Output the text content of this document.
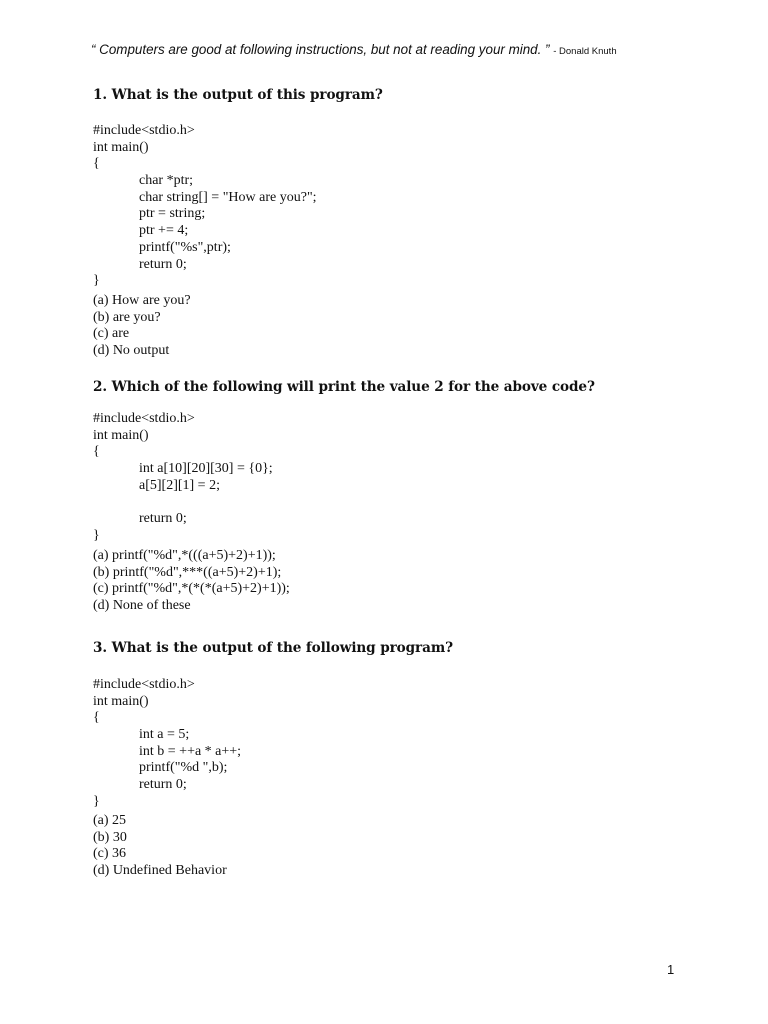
“ Computers are good at following instructions, but not at reading your mind. ” - Donald Knuth
1. What is the output of this program?
#include<stdio.h>
int main()
{
char *ptr;
char string[] = "How are you?";
ptr = string;
ptr += 4;
printf("%s",ptr);
return 0;
}
(a) How are you?
(b) are you?
(c) are
(d) No output
2. Which of the following will print the value 2 for the above code?
#include<stdio.h>
int main()
{
int a[10][20][30] = {0};
a[5][2][1] = 2;
return 0;
}
(a) printf("%d",*(((a+5)+2)+1));
(b) printf("%d",***((a+5)+2)+1);
(c) printf("%d",*(*(*(a+5)+2)+1));
(d) None of these
3. What is the output of the following program?
#include<stdio.h>
int main()
{
int a = 5;
int b = ++a * a++;
printf("%d ",b);
return 0;
}
(a) 25
(b) 30
(c) 36
(d) Undefined Behavior
1
